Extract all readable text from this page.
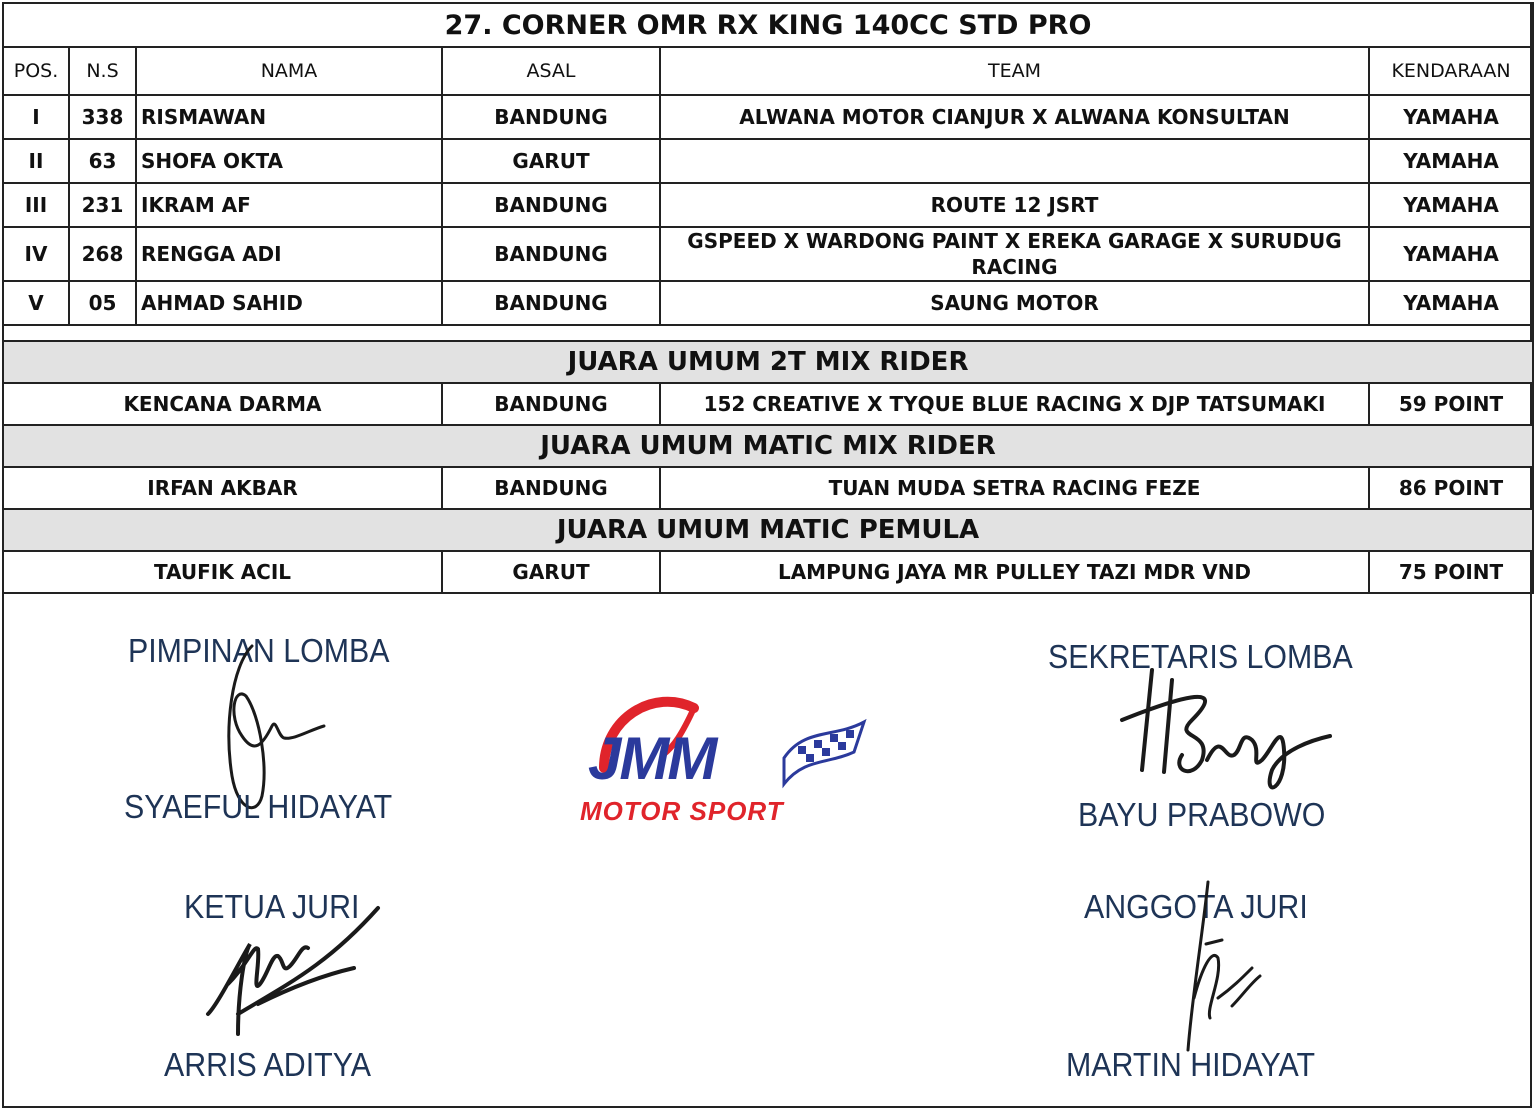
27. CORNER OMR RX KING 140CC STD PRO					
POS.	N.S	NAMA	ASAL	TEAM	KENDARAAN
I	338	RISMAWAN	BANDUNG	ALWANA MOTOR CIANJUR X ALWANA KONSULTAN	YAMAHA
II	63	SHOFA OKTA	GARUT		YAMAHA
III	231	IKRAM AF	BANDUNG	ROUTE 12 JSRT	YAMAHA
IV	268	RENGGA ADI	BANDUNG	GSPEED X WARDONG PAINT X EREKA GARAGE X SURUDUG RACING	YAMAHA
V	05	AHMAD SAHID	BANDUNG	SAUNG MOTOR	YAMAHA

JUARA UMUM 2T MIX RIDER					
KENCANA DARMA			BANDUNG	152 CREATIVE X TYQUE BLUE RACING X DJP TATSUMAKI	59 POINT
JUARA UMUM MATIC MIX RIDER					
IRFAN AKBAR			BANDUNG	TUAN MUDA SETRA RACING FEZE	86 POINT
JUARA UMUM MATIC PEMULA					
TAUFIK ACIL			GARUT	LAMPUNG JAYA MR PULLEY TAZI MDR VND	75 POINT
PIMPINAN LOMBA
SYAEFUL HIDAYAT
SEKRETARIS LOMBA
BAYU PRABOWO
JMM
MOTOR SPORT
KETUA JURI
ARRIS ADITYA
ANGGOTA JURI
MARTIN HIDAYAT
